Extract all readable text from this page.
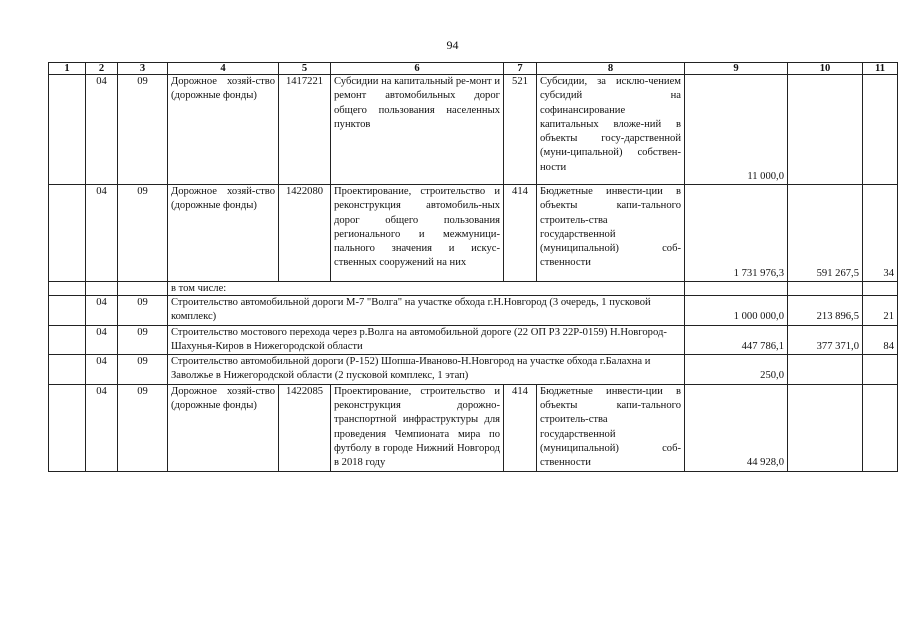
94
1	2	3	4	5	6	7	8	9	10	11
	04	09	Дорожное хозяй-ство (дорожные фонды)	1417221	Субсидии на капитальный ре-монт и ремонт автомобильных дорог общего пользования населенных пунктов	521	Субсидии, за исклю-чением субсидий на софинансирование капитальных вложе-ний в объекты госу-дарственной (муни-ципальной) собствен-ности	11 000,0		
	04	09	Дорожное хозяй-ство (дорожные фонды)	1422080	Проектирование, строительство и реконструкция автомобиль-ных дорог общего пользования регионального и межмуници-пального значения и искус-ственных сооружений на них	414	Бюджетные инвести-ции в объекты капи-тального строитель-ства государственной (муниципальной) соб-ственности	1 731 976,3	591 267,5	34
			в том числе:							
	04	09	Строительство автомобильной дороги М-7 "Волга" на участке обхода г.Н.Новгород (3 очередь, 1 пусковой комплекс)					1 000 000,0	213 896,5	21
	04	09	Строительство мостового перехода через р.Волга на автомобильной дороге (22 ОП РЗ 22Р-0159) Н.Новгород-Шахунья-Киров в Нижегородской области					447 786,1	377 371,0	84
	04	09	Строительство автомобильной дороги (Р-152) Шопша-Иваново-Н.Новгород на участке обхода г.Балахна и Заволжье в Нижегородской области (2 пусковой комплекс, 1 этап)					250,0		
	04	09	Дорожное хозяй-ство (дорожные фонды)	1422085	Проектирование, строительство и реконструкция дорожно-транспортной инфраструктуры для проведения Чемпионата мира по футболу в городе Нижний Новгород в 2018 году	414	Бюджетные инвести-ции в объекты капи-тального строитель-ства государственной (муниципальной) соб-ственности	44 928,0		
